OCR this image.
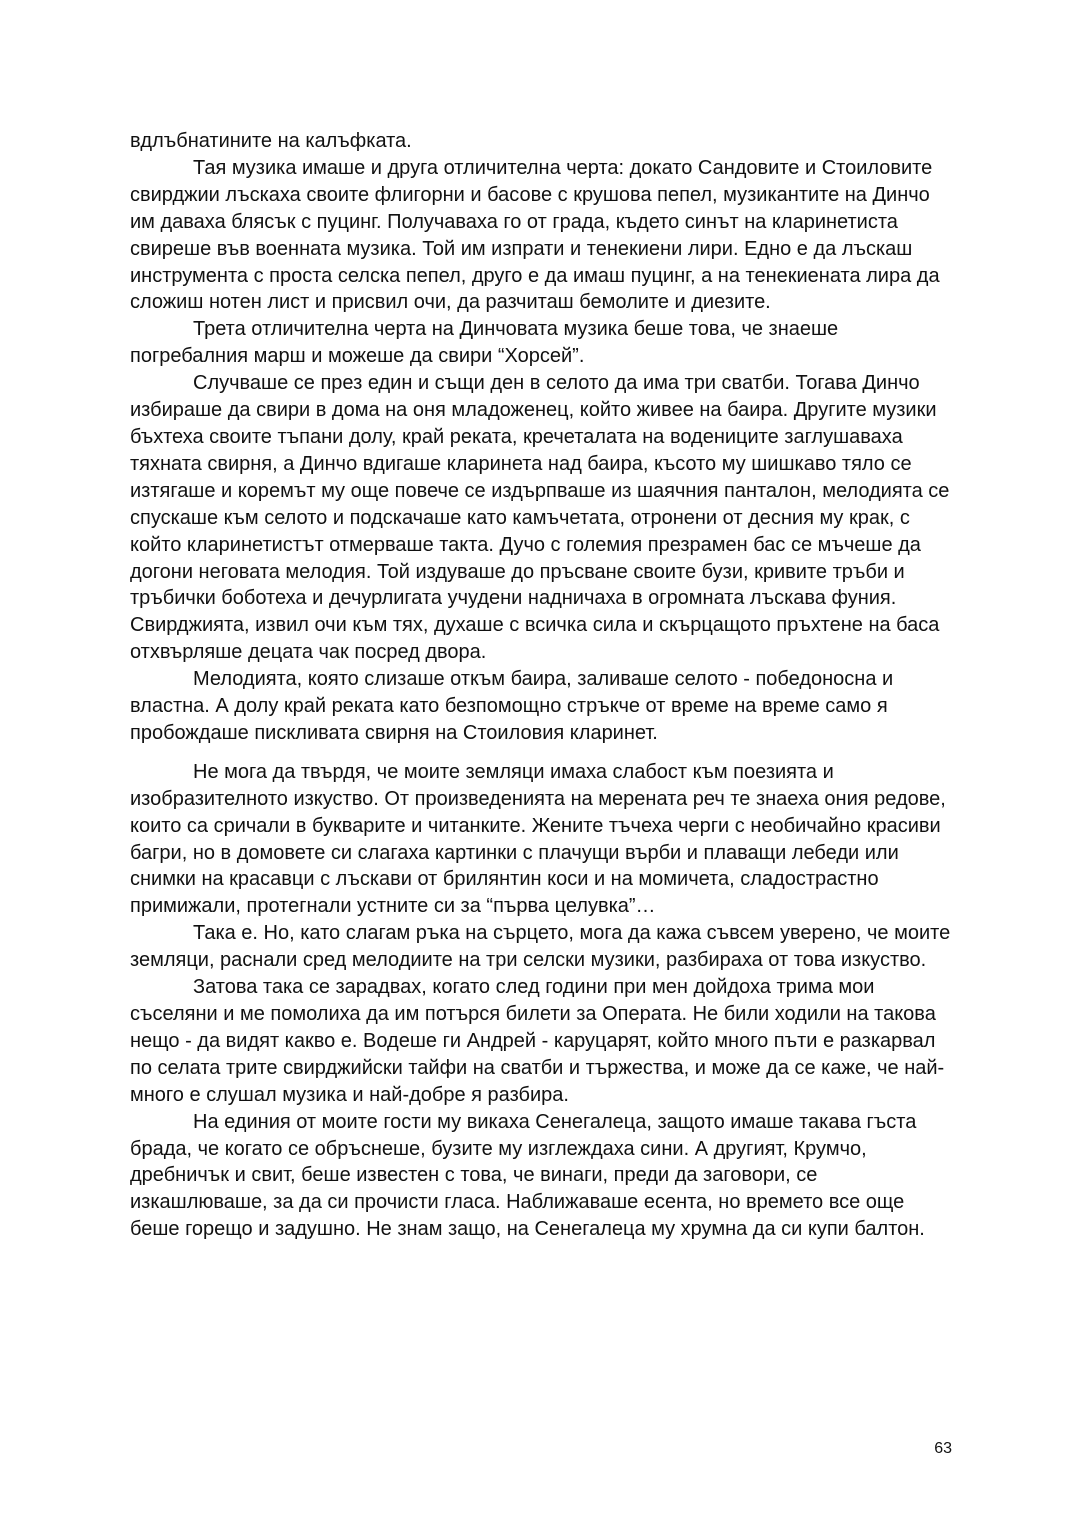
вдлъбнатините на калъфката.

Тая музика имаше и друга отличителна черта: докато Сандовите и Стоиловите свирджии лъскаха своите флигорни и басове с крушова пепел, музикантите на Динчо им даваха блясък с пуцинг. Получаваха го от града, където синът на кларинетиста свиреше във военната музика. Той им изпрати и тенекиени лири. Едно е да лъскаш инструмента с проста селска пепел, друго е да имаш пуцинг, а на тенекиената лира да сложиш нотен лист и присвил очи, да разчиташ бемолите и диезите.

Трета отличителна черта на Динчовата музика беше това, че знаеше погребалния марш и можеше да свири “Хорсей”.

Случваше се през един и същи ден в селото да има три сватби. Тогава Динчо избираше да свири в дома на оня младоженец, който живее на баира. Другите музики бъхтеха своите тъпани долу, край реката, кречеталата на водениците заглушаваха тяхната свирня, а Динчо вдигаше кларинета над баира, късото му шишкаво тяло се изтягаше и коремът му още повече се издърпваше из шаячния панталон, мелодията се спускаше към селото и подскачаше като камъчетата, отронени от десния му крак, с който кларинетистът отмерваше такта. Дучо с големия презрамен бас се мъчеше да догони неговата мелодия. Той издуваше до пръсване своите бузи, кривите тръби и тръбички боботеха и дечурлигата учудени надничаха в огромната лъскава фуния. Свирджията, извил очи към тях, духаше с всичка сила и скърцащото пръхтене на баса отхвърляше децата чак посред двора.

Мелодията, която слизаше откъм баира, заливаше селото - победоносна и властна. А долу край реката като безпомощно стръкче от време на време само я пробождаше пискливата свирня на Стоиловия кларинет.

Не мога да твърдя, че моите земляци имаха слабост към поезията и изобразителното изкуство. От произведенията на мерената реч те знаеха ония редове, които са сричали в букварите и читанките. Жените тъчеха черги с необичайно красиви багри, но в домовете си слагаха картинки с плачущи върби и плаващи лебеди или снимки на красавци с лъскави от брилянтин коси и на момичета, сладострастно примижали, протегнали устните си за “първа целувка”…

Така е. Но, като слагам ръка на сърцето, мога да кажа съвсем уверено, че моите земляци, раснали сред мелодиите на три селски музики, разбираха от това изкуство.

Затова така се зарадвах, когато след години при мен дойдоха трима мои съселяни и ме помолиха да им потърся билети за Операта. Не били ходили на такова нещо - да видят какво е. Водеше ги Андрей - каруцарят, който много пъти е разкарвал по селата трите свирджийски тайфи на сватби и тържества, и може да се каже, че най-много е слушал музика и най-добре я разбира.

На единия от моите гости му викаха Сенегалеца, защото имаше такава гъста брада, че когато се обръснеше, бузите му изглеждаха сини. А другият, Крумчо, дребничък и свит, беше известен с това, че винаги, преди да заговори, се изкашлюваше, за да си прочисти гласа. Наближаваше есента, но времето все още беше горещо и задушно. Не знам защо, на Сенегалеца му хрумна да си купи балтон.

63
